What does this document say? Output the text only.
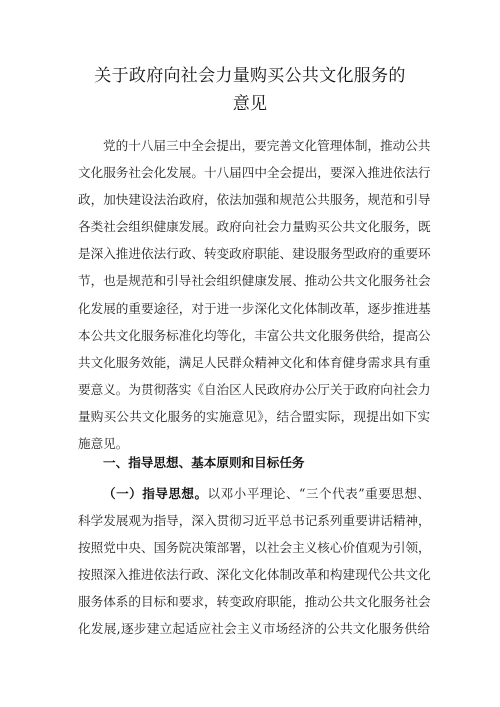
关于政府向社会力量购买公共文化服务的
意见
党的十八届三中全会提出，要完善文化管理体制，推动公共
文化服务社会化发展。十八届四中全会提出，要深入推进依法行
政，加快建设法治政府，依法加强和规范公共服务，规范和引导
各类社会组织健康发展。政府向社会力量购买公共文化服务，既
是深入推进依法行政、转变政府职能、建设服务型政府的重要环
节，也是规范和引导社会组织健康发展、推动公共文化服务社会
化发展的重要途径，对于进一步深化文化体制改革，逐步推进基
本公共文化服务标准化均等化，丰富公共文化服务供给，提高公
共文化服务效能，满足人民群众精神文化和体育健身需求具有重
要意义。为贯彻落实《自治区人民政府办公厅关于政府向社会力
量购买公共文化服务的实施意见》，结合盟实际，现提出如下实
施意见。
一、指导思想、基本原则和目标任务
（一）指导思想。以邓小平理论、“三个代表”重要思想、
科学发展观为指导，深入贯彻习近平总书记系列重要讲话精神，
按照党中央、国务院决策部署，以社会主义核心价值观为引领，
按照深入推进依法行政、深化文化体制改革和构建现代公共文化
服务体系的目标和要求，转变政府职能，推动公共文化服务社会
化发展,逐步建立起适应社会主义市场经济的公共文化服务供给
